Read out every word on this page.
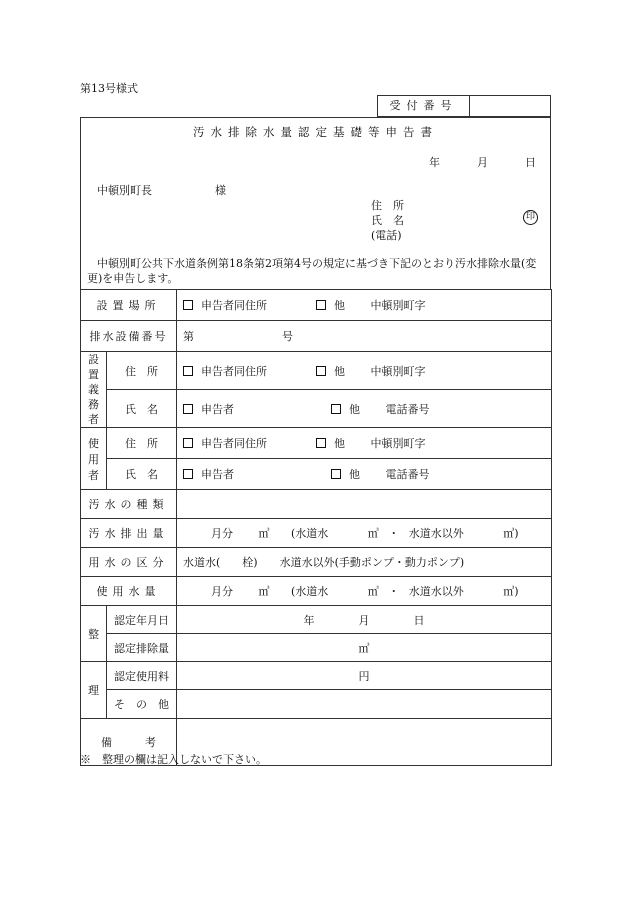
第13号様式
受付番号
汚水排除水量認定基礎等申告書
年	月	日
中頓別町長	様
住　所
氏　名
(電話)
印
中頓別町公共下水道条例第18条第2項第4号の規定に基づき下記のとおり汚水排除水量(変更)を申告します。
設置場所		申告者同住所 他 中頓別町字
排水設備番号		第 号
設置義務者	住　所	申告者同住所 他 中頓別町字
	氏　名	申告者 他 電話番号
使用者	住　所	申告者同住所 他 中頓別町字
	氏　名	申告者 他 電話番号
汚水の種類		
汚水排出量		月分 ㎥ (水道水 ㎥ ・ 水道水以外 ㎥)
用水の区分		水道水(　　栓)　　水道水以外(手動ポンプ・動力ポンプ)
使用水量		月分 ㎥ (水道水 ㎥ ・ 水道水以外 ㎥)
整	認定年月日	年　　　　月　　　　日
	認定排除量	㎥
理	認定使用料	円
	そ　の　他	
備　　　考		
※　整理の欄は記入しないで下さい。
